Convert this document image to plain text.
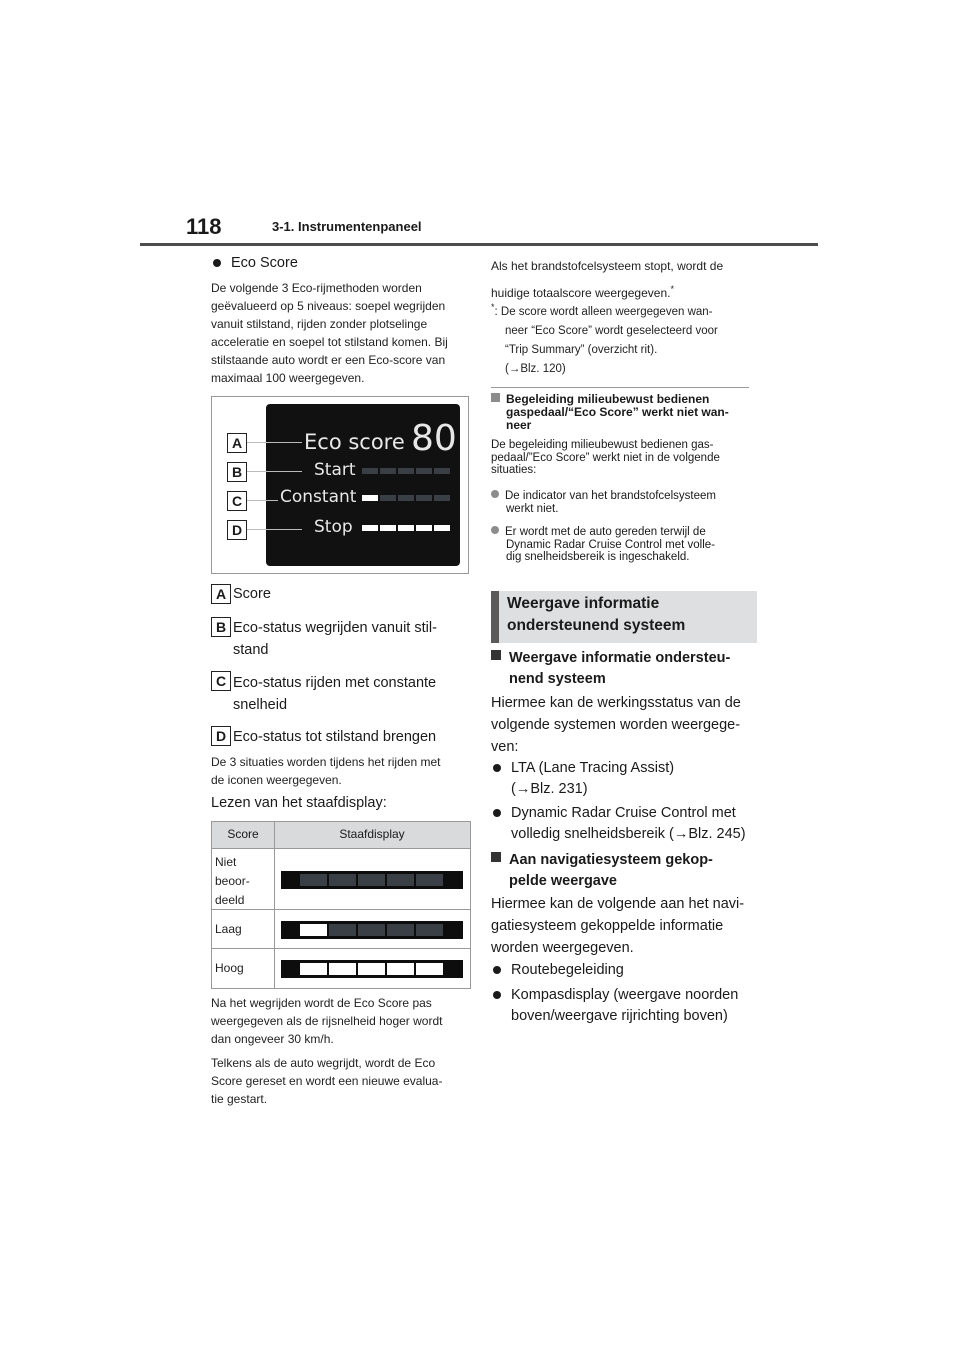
118	3-1. Instrumentenpaneel
Eco Score
De volgende 3 Eco-rijmethoden worden
geëvalueerd op 5 niveaus: soepel wegrijden
vanuit stilstand, rijden zonder plotselinge
acceleratie en soepel tot stilstand komen. Bij
stilstaande auto wordt er een Eco-score van
maximaal 100 weergegeven.
Eco score 80
Start
Constant
Stop
A
B
C
D
A Score
B Eco-status wegrijden vanuit stil-
stand
C Eco-status rijden met constante
snelheid
D Eco-status tot stilstand brengen
De 3 situaties worden tijdens het rijden met
de iconen weergegeven.
Lezen van het staafdisplay:
Score	Staafdisplay
Niet
beoor-
deeld
Laag
Hoog
Na het wegrijden wordt de Eco Score pas
weergegeven als de rijsnelheid hoger wordt
dan ongeveer 30 km/h.
Telkens als de auto wegrijdt, wordt de Eco
Score gereset en wordt een nieuwe evalua-
tie gestart.
Als het brandstofcelsysteem stopt, wordt de
huidige totaalscore weergegeven.*
*: De score wordt alleen weergegeven wan-
neer “Eco Score” wordt geselecteerd voor
“Trip Summary” (overzicht rit).
(→Blz. 120)
Begeleiding milieubewust bedienen
gaspedaal/“Eco Score” werkt niet wan-
neer
De begeleiding milieubewust bedienen gas-
pedaal/”Eco Score” werkt niet in de volgende
situaties:
De indicator van het brandstofcelsysteem
werkt niet.
Er wordt met de auto gereden terwijl de
Dynamic Radar Cruise Control met volle-
dig snelheidsbereik is ingeschakeld.
Weergave informatie
ondersteunend systeem
Weergave informatie ondersteu-
nend systeem
Hiermee kan de werkingsstatus van de
volgende systemen worden weergege-
ven:
LTA (Lane Tracing Assist)
(→Blz. 231)
Dynamic Radar Cruise Control met
volledig snelheidsbereik (→Blz. 245)
Aan navigatiesysteem gekop-
pelde weergave
Hiermee kan de volgende aan het navi-
gatiesysteem gekoppelde informatie
worden weergegeven.
Routebegeleiding
Kompasdisplay (weergave noorden
boven/weergave rijrichting boven)
